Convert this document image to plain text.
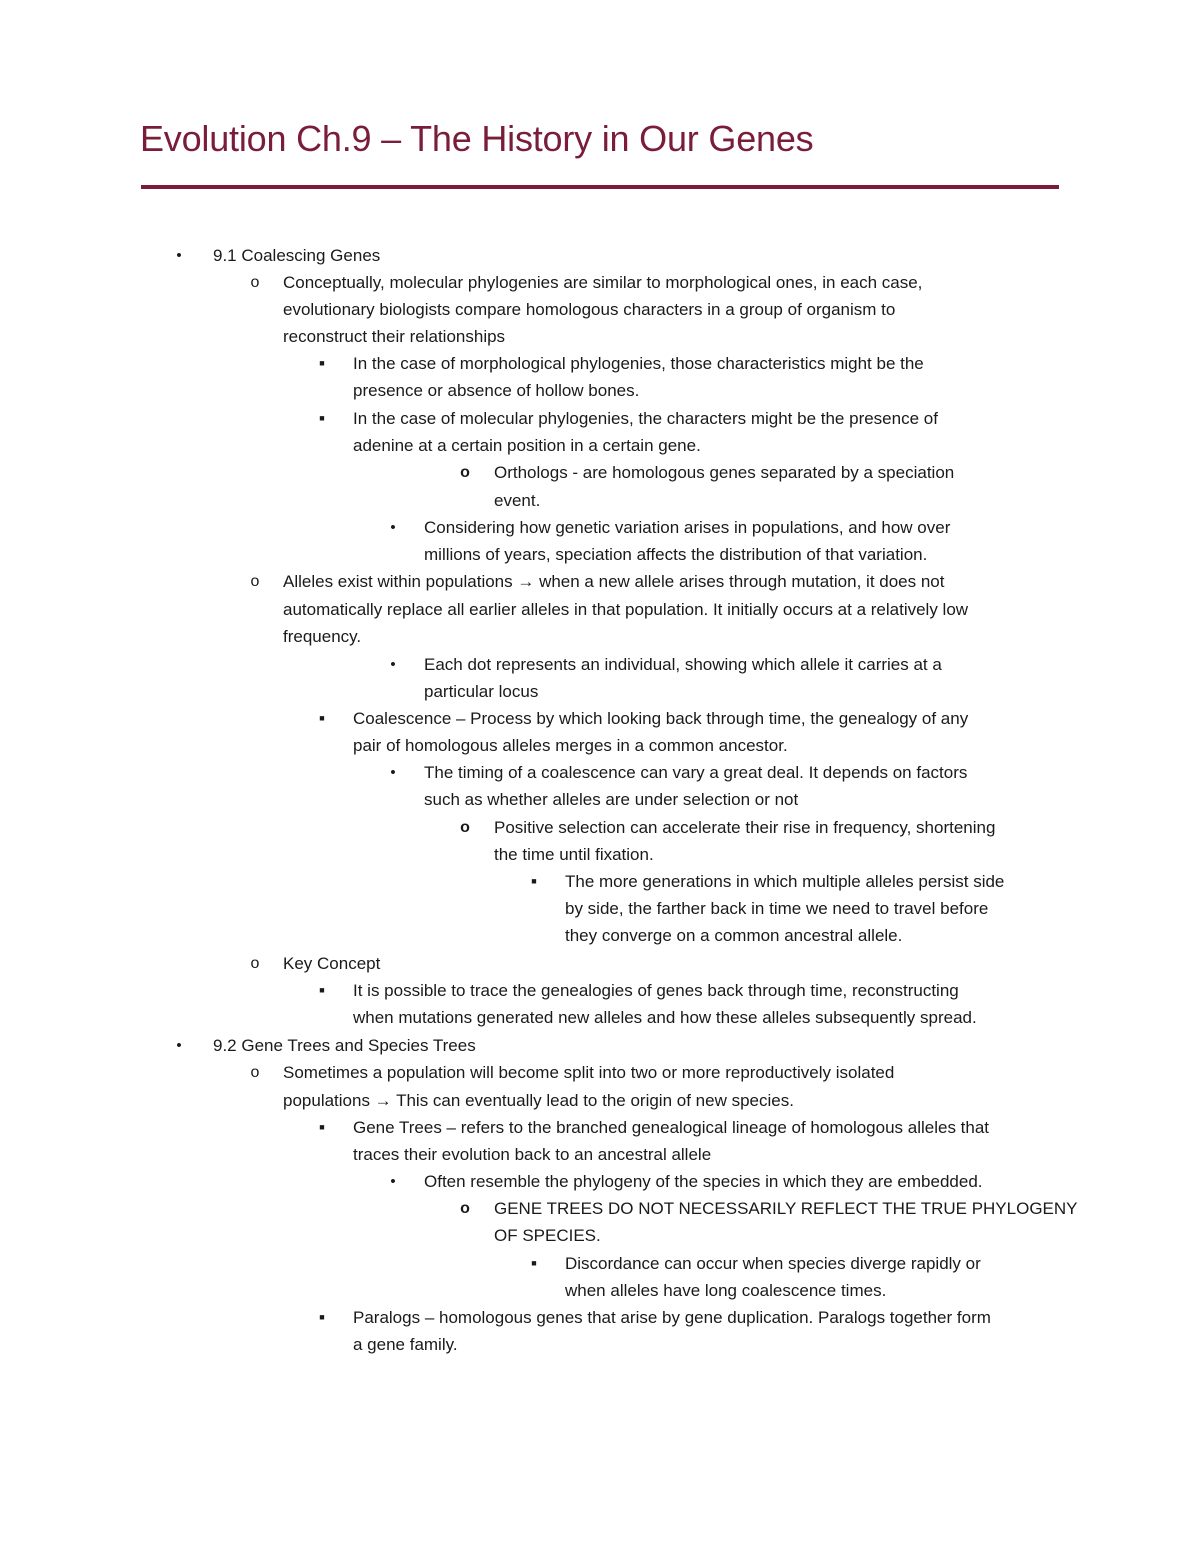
Evolution Ch.9 – The History in Our Genes
• 9.1 Coalescing Genes
o Conceptually, molecular phylogenies are similar to morphological ones, in each case,
evolutionary biologists compare homologous characters in a group of organism to
reconstruct their relationships
■ In the case of morphological phylogenies, those characteristics might be the
presence or absence of hollow bones.
■ In the case of molecular phylogenies, the characters might be the presence of
adenine at a certain position in a certain gene.
o Orthologs - are homologous genes separated by a speciation
event.
• Considering how genetic variation arises in populations, and how over
millions of years, speciation affects the distribution of that variation.
o Alleles exist within populations → when a new allele arises through mutation, it does not
automatically replace all earlier alleles in that population. It initially occurs at a relatively low
frequency.
• Each dot represents an individual, showing which allele it carries at a
particular locus
■ Coalescence – Process by which looking back through time, the genealogy of any
pair of homologous alleles merges in a common ancestor.
• The timing of a coalescence can vary a great deal. It depends on factors
such as whether alleles are under selection or not
o Positive selection can accelerate their rise in frequency, shortening
the time until fixation.
■ The more generations in which multiple alleles persist side
by side, the farther back in time we need to travel before
they converge on a common ancestral allele.
o Key Concept
■ It is possible to trace the genealogies of genes back through time, reconstructing
when mutations generated new alleles and how these alleles subsequently spread.
• 9.2 Gene Trees and Species Trees
o Sometimes a population will become split into two or more reproductively isolated
populations → This can eventually lead to the origin of new species.
■ Gene Trees – refers to the branched genealogical lineage of homologous alleles that
traces their evolution back to an ancestral allele
• Often resemble the phylogeny of the species in which they are embedded.
o GENE TREES DO NOT NECESSARILY REFLECT THE TRUE PHYLOGENY
OF SPECIES.
■ Discordance can occur when species diverge rapidly or
when alleles have long coalescence times.
■ Paralogs – homologous genes that arise by gene duplication. Paralogs together form
a gene family.
